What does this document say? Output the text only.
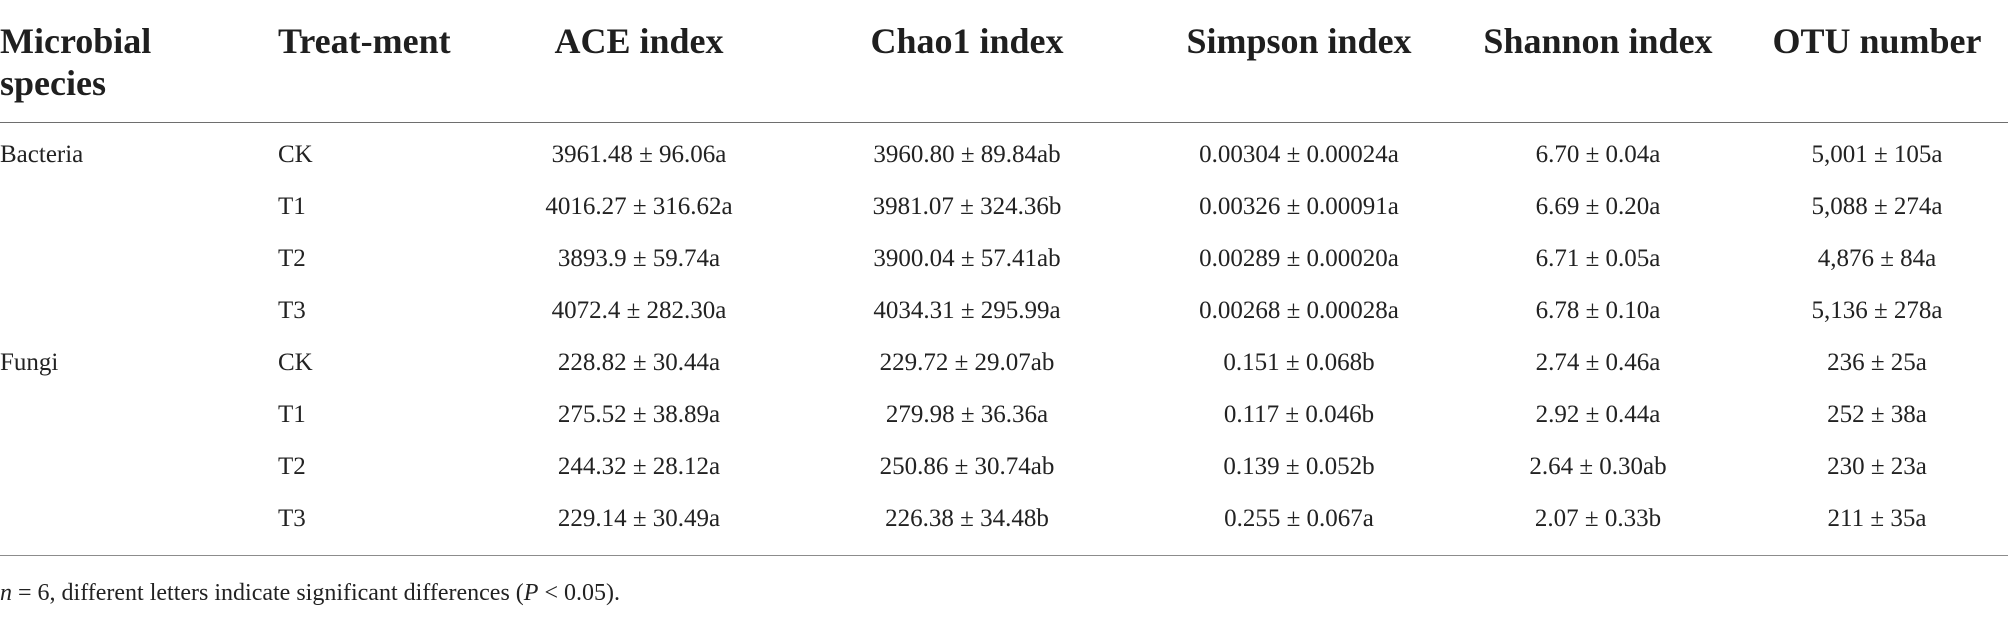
Microbial species	Treat-ment	ACE index	Chao1 index	Simpson index	Shannon index	OTU number
Bacteria	CK	3961.48 ± 96.06a	3960.80 ± 89.84ab	0.00304 ± 0.00024a	6.70 ± 0.04a	5,001 ± 105a
	T1	4016.27 ± 316.62a	3981.07 ± 324.36b	0.00326 ± 0.00091a	6.69 ± 0.20a	5,088 ± 274a
	T2	3893.9 ± 59.74a	3900.04 ± 57.41ab	0.00289 ± 0.00020a	6.71 ± 0.05a	4,876 ± 84a
	T3	4072.4 ± 282.30a	4034.31 ± 295.99a	0.00268 ± 0.00028a	6.78 ± 0.10a	5,136 ± 278a
Fungi	CK	228.82 ± 30.44a	229.72 ± 29.07ab	0.151 ± 0.068b	2.74 ± 0.46a	236 ± 25a
	T1	275.52 ± 38.89a	279.98 ± 36.36a	0.117 ± 0.046b	2.92 ± 0.44a	252 ± 38a
	T2	244.32 ± 28.12a	250.86 ± 30.74ab	0.139 ± 0.052b	2.64 ± 0.30ab	230 ± 23a
	T3	229.14 ± 30.49a	226.38 ± 34.48b	0.255 ± 0.067a	2.07 ± 0.33b	211 ± 35a
n = 6, different letters indicate significant differences (P < 0.05).
